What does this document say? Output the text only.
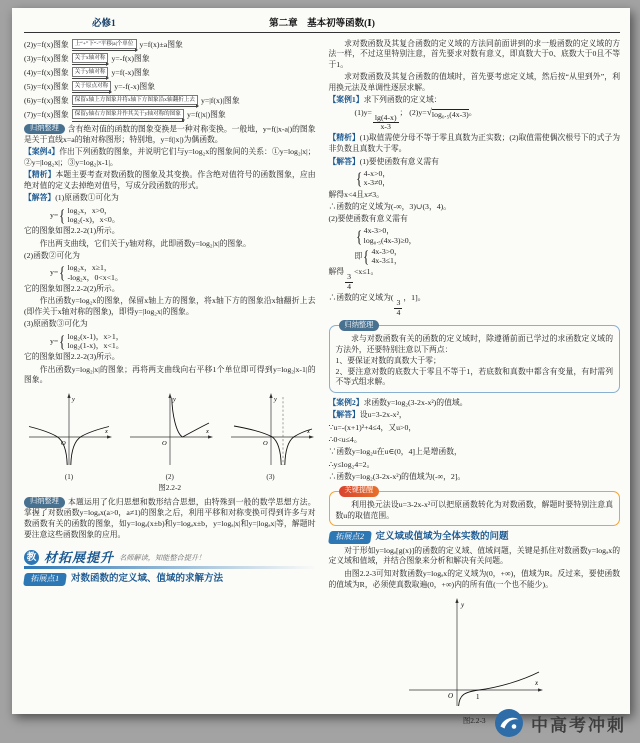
必修1	第二章　基本初等函数(Ⅰ)
(2) y=f(x)图象	上“+”下“-”平移|a|个单位 y=f(x)±a图象
(3) y=f(x)图象	关于x轴对称 y=-f(x)图象
(4) y=f(x)图象	关于y轴对称 y=f(-x)图象
(5) y=f(x)图象	关于原点对称 y=-f(-x)图象
(6) y=f(x)图象	保留x轴上方图象并将x轴下方图象沿x轴翻折上去 y=|f(x)|图象
(7) y=f(x)图象	保留y轴右方图象并作其关于y轴对称的图象 y=f(|x|)图象
归纳整理 含有绝对值的函数的图象变换是一种对称变换。一般地，y=f(|x-a|)的图象是关于直线x=a的轴对称图形；特别地，y=f(|x|)为偶函数。
【案例4】作出下列函数的图象，并说明它们与y=log₂x的图象间的关系：①y=log₂|x|；②y=|log₂x|；③y=log₂|x-1|。
【精析】本题主要考查对数函数的图象及其变换。作含绝对值符号的函数图象，应由绝对值的定义去掉绝对值号，写成分段函数的形式。
【解答】(1)原函数①可化为
y= { log₂x，x>0，
log₂(-x)，x<0。
它的图象如图2.2-2(1)所示。
作出两支曲线，它们关于y轴对称，此即函数y=log₂|x|的图象。
(2)函数②可化为
y= { log₂x，x≥1，
-log₂x，0<x<1。
它的图象如图2.2-2(2)所示。
作出函数y=log₂x的图象，保留x轴上方的图象，将x轴下方的图象沿x轴翻折上去(即作关于x轴对称的图象)，即得y=|log₂x|的图象。
(3)原函数③可化为
y= { log₂(x-1)，x>1，
log₂(1-x)，x<1。
它的图象如图2.2-2(3)所示。
作出函数y=log₂|x|的图象；再将两支曲线向右平移1个单位即可得到y=log₂|x-1|的图象。
y
x
O
(1)
y
x
O
(2)
y
x
O
(3)
图2.2-2
归纳整理 本题运用了化归思想和数形结合思想，由特殊到一般的数学思想方法。掌握了对数函数y=logₐx(a>0，a≠1)的图象之后，利用平移和对称变换可得到许多与对数函数有关的函数的图象，如y=logₐ(x±b)和y=logₐx±b，y=logₐ|x|和y=|logₐx|等，解题时要注意这些函数图象的应用。
教 材拓展提升 名师解读，知能整合提升！
拓展点1	对数函数的定义域、值域的求解方法
求对数函数及其复合函数的定义域的方法同前面讲到的求一般函数的定义域的方法一样，不过这里特别注意，首先要求对数有意义，即真数大于0、底数大于0且不等于1。
求对数函数及其复合函数的值域时，首先要考虑定义域，然后按“从里到外”，利用换元法及单调性逐层求解。
【案例1】求下列函数的定义域：
(1)y=
$\frac{\lg(4-x)}{x-3}$
； (2)y= √ log₀.₅(4x-3) 。
【精析】(1)取值需使分母不等于零且真数为正实数；(2)取值需使偶次根号下的式子为非负数且真数大于零。
【解答】(1)要使函数有意义需有
{ 4-x>0，
x-3≠0，
解得x<4且x≠3。
∴函数的定义域为(-∞，3)∪(3，4)。
(2)要使函数有意义需有
{ 4x-3>0，
log₀.₅(4x-3)≥0，
即 { 4x-3>0，
4x-3≤1，
解得
$\frac{3}{4}$
<x≤1。
∴函数的定义域为(
$\frac{3}{4}$
，1]。
归纳整理
求与对数函数有关的函数的定义域时，除遵循前面已学过的求函数定义域的方法外，还要特别注意以下两点：
1、要保证对数的真数大于零；
2、要注意对数的底数大于零且不等于1，若底数和真数中都含有变量，有时需列不等式组求解。
【案例2】求函数y=log₂(3-2x-x²)的值域。
【解答】设u=3-2x-x²，
∵u=-(x+1)²+4≤4，又u>0，
∴0<u≤4。
∵函数y=log₂u在u∈(0，4]上是增函数，
∴y≤log₂4=2。
∴函数y=log₂(3-2x-x²)的值域为(-∞，2]。
关键提醒
利用换元法设u=3-2x-x²可以把原函数转化为对数函数，解题时要特别注意真数u的取值范围。
拓展点2	定义域或值域为全体实数的问题
对于形如y=logₐ[g(x)]的函数的定义域、值域问题，关键是抓住对数函数y=logₐx的定义域和值域，并结合图象来分析和解决有关问题。
由图2.2-3可知对数函数y=logₐx的定义域为(0，+∞)，值域为R。反过来，要使函数的值域为R，必须使真数取遍(0，+∞)内的所有值(一个也不能少)。
y
x
O	1
图2.2-3	中高考冲刺
